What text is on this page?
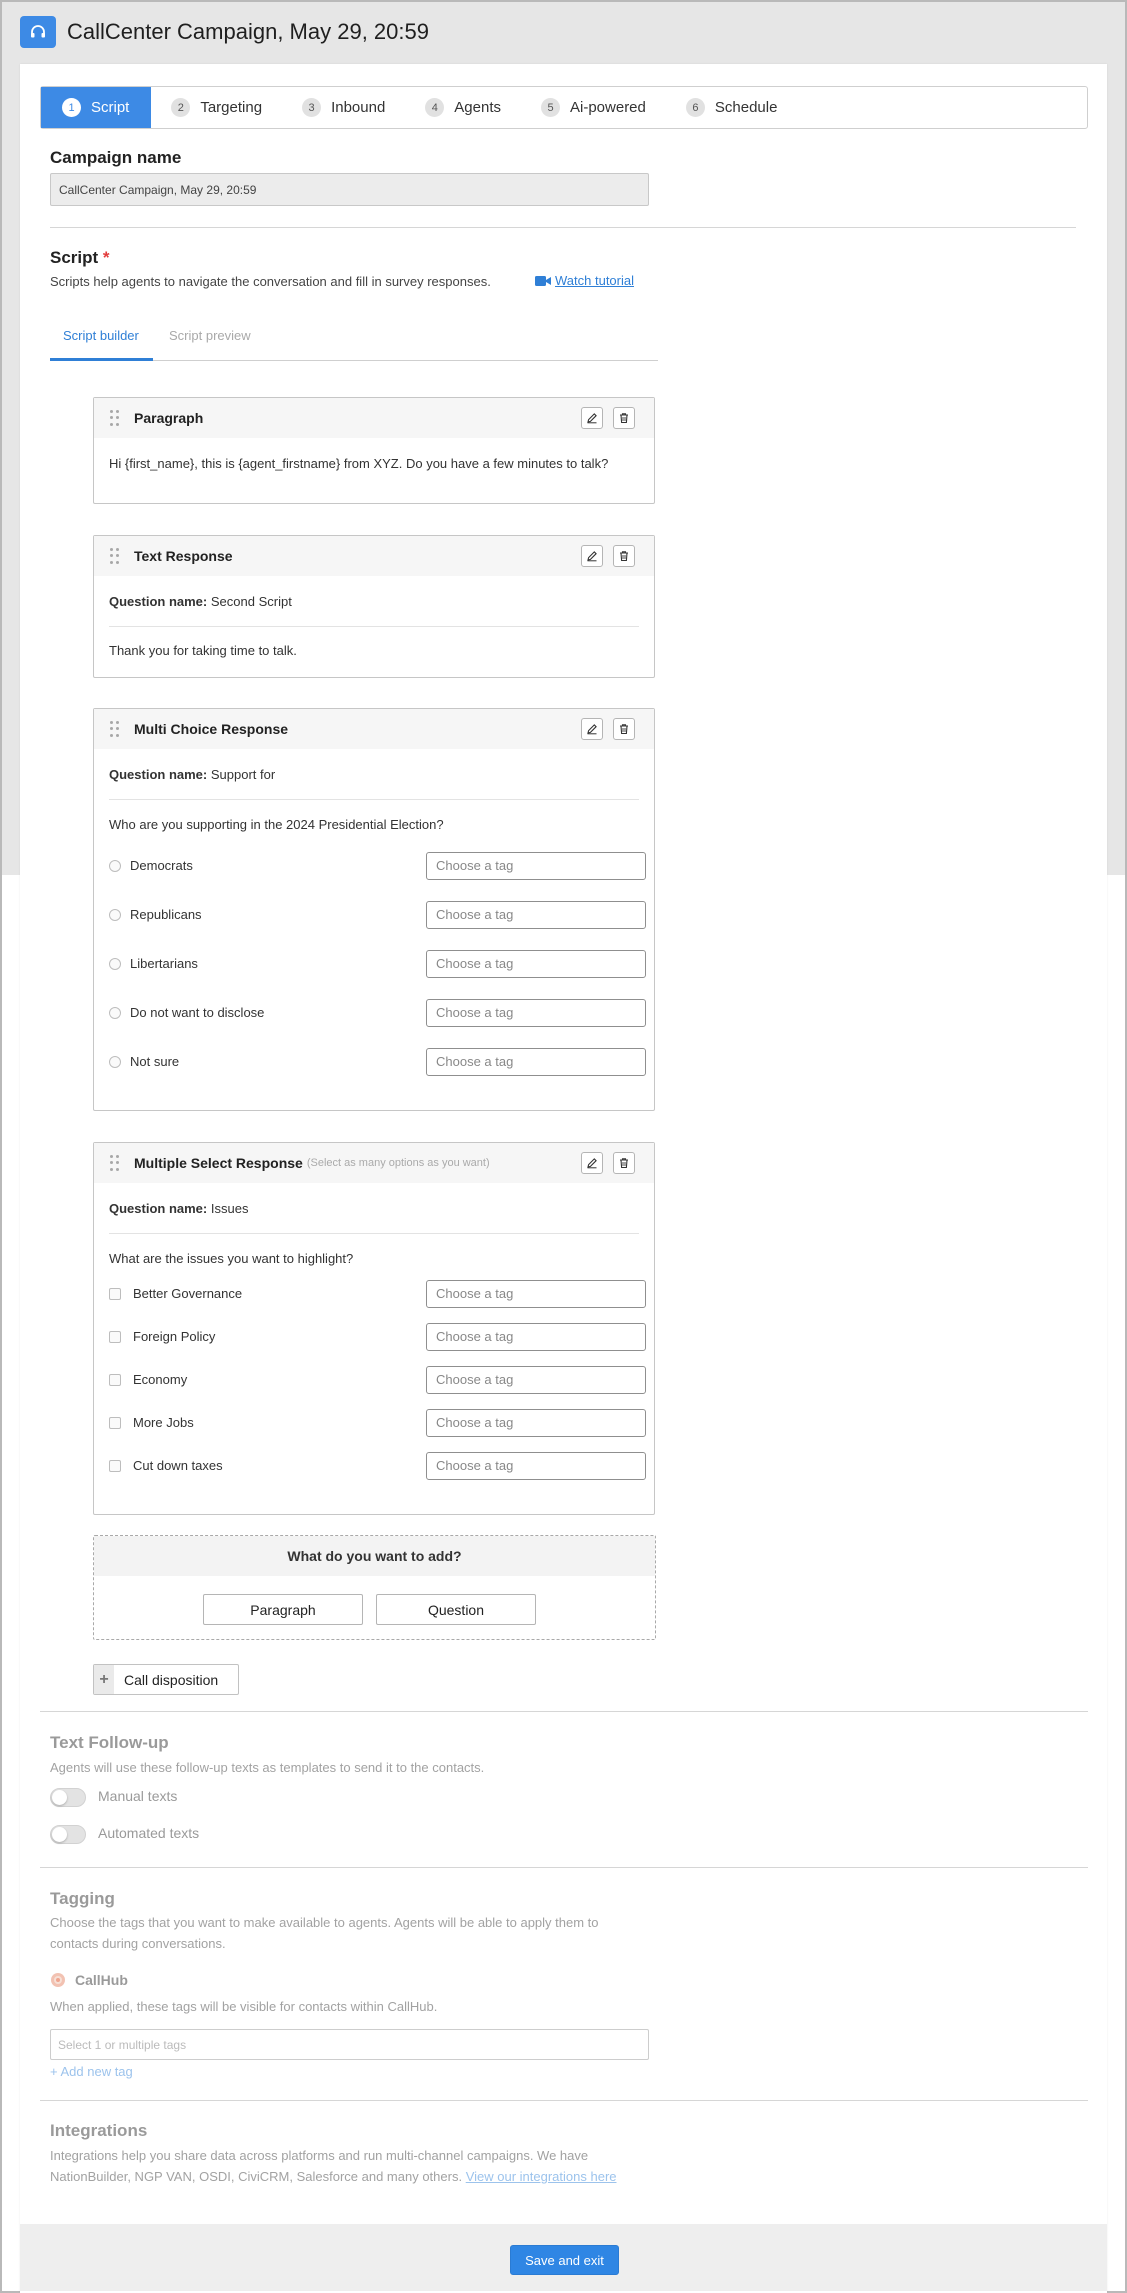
CallCenter Campaign, May 29, 20:59
1	Script	2	Targeting	3	Inbound	4	Agents	5	Ai-powered	6	Schedule
Campaign name
CallCenter Campaign, May 29, 20:59
Script *
Scripts help agents to navigate the conversation and fill in survey responses.	Watch tutorial
Script builder Script preview
Paragraph
Hi {first_name}, this is {agent_firstname} from XYZ. Do you have a few minutes to talk?
Text Response
Question name: Second Script
Thank you for taking time to talk.
Multi Choice Response
Question name: Support for
Who are you supporting in the 2024 Presidential Election?
Democrats	Choose a tag
Republicans	Choose a tag
Libertarians	Choose a tag
Do not want to disclose	Choose a tag
Not sure	Choose a tag
Multiple Select Response (Select as many options as you want)
Question name: Issues
What are the issues you want to highlight?
Better Governance	Choose a tag
Foreign Policy	Choose a tag
Economy	Choose a tag
More Jobs	Choose a tag
Cut down taxes	Choose a tag
What do you want to add?
Paragraph	Question
+	Call disposition
Text Follow-up
Agents will use these follow-up texts as templates to send it to the contacts.
Manual texts
Automated texts
Tagging
Choose the tags that you want to make available to agents. Agents will be able to apply them to contacts during conversations.
CallHub
When applied, these tags will be visible for contacts within CallHub.
Select 1 or multiple tags
+ Add new tag
Integrations
Integrations help you share data across platforms and run multi-channel campaigns. We have NationBuilder, NGP VAN, OSDI, CiviCRM, Salesforce and many others. View our integrations here
Save and exit
